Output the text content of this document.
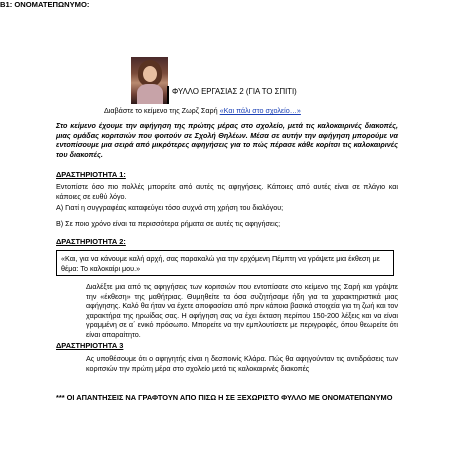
Β1: ΟΝΟΜΑΤΕΠΩΝΥΜΟ:
ΦΥΛΛΟ ΕΡΓΑΣΙΑΣ 2 (ΓΙΑ ΤΟ ΣΠΙΤΙ)
Διαβάστε το κείμενο της Ζωρζ Σαρή «Και πάλι στο σχολείο…»
Στο κείμενο έχουμε την αφήγηση της πρώτης μέρας στο σχολείο, μετά τις καλοκαιρινές διακοπές, μιας ομάδας κοριτσιών που φοιτούν σε Σχολή Θηλέων. Μέσα σε αυτήν την αφήγηση μπορούμε να εντοπίσουμε μια σειρά από μικρότερες αφηγήσεις για το πώς πέρασε κάθε κορίτσι τις καλοκαιρινές του διακοπές.
ΔΡΑΣΤΗΡΙΟΤΗΤΑ 1:
Εντοπίστε όσο πιο πολλές μπορείτε από αυτές τις αφηγήσεις. Κάποιες από αυτές είναι σε πλάγιο και κάποιες σε ευθύ λόγο.
Α) Γιατί η συγγραφέας καταφεύγει τόσο συχνά στη χρήση του διαλόγου;
Β) Σε ποιο χρόνο είναι τα περισσότερα ρήματα σε αυτές τις αφηγήσεις;
ΔΡΑΣΤΗΡΙΟΤΗΤΑ 2:
«Και, για να κάνουμε καλή αρχή, σας παρακαλώ για την ερχόμενη Πέμπτη να γράψετε μια έκθεση με θέμα: Το καλοκαίρι μου.»
Διαλέξτε μια από τις αφηγήσεις των κοριτσιών που εντοπίσατε στο κείμενο της Σαρή και γράψτε την «έκθεση» της μαθήτριας. Θυμηθείτε τα όσα συζητήσαμε ήδη για τα χαρακτηριστικά μιας αφήγησης. Καλό θα ήταν να έχετε αποφασίσει από πριν κάποια βασικά στοιχεία για τη ζωή και τον χαρακτήρα της ηρωίδας σας. Η αφήγηση σας να έχει έκταση περίπου 150-200 λέξεις και να είναι γραμμένη σε α΄ ενικό πρόσωπο. Μπορείτε να την εμπλουτίσετε με περιγραφές, όπου θεωρείτε ότι είναι απαραίτητο.
ΔΡΑΣΤΗΡΙΟΤΗΤΑ 3
Ας υποθέσουμε ότι ο αφηγητής είναι η δεσποινίς Κλάρα. Πώς θα αφηγούνταν τις αντιδράσεις των κοριτσιών την πρώτη μέρα στο σχολείο μετά τις καλοκαιρινές διακοπές
*** ΟΙ ΑΠΑΝΤΗΣΕΙΣ ΝΑ ΓΡΑΦΤΟΥΝ ΑΠΟ ΠΙΣΩ Η ΣΕ ΞΕΧΩΡΙΣΤΟ ΦΥΛΛΟ ΜΕ ΟΝΟΜΑΤΕΠΩΝΥΜΟ
